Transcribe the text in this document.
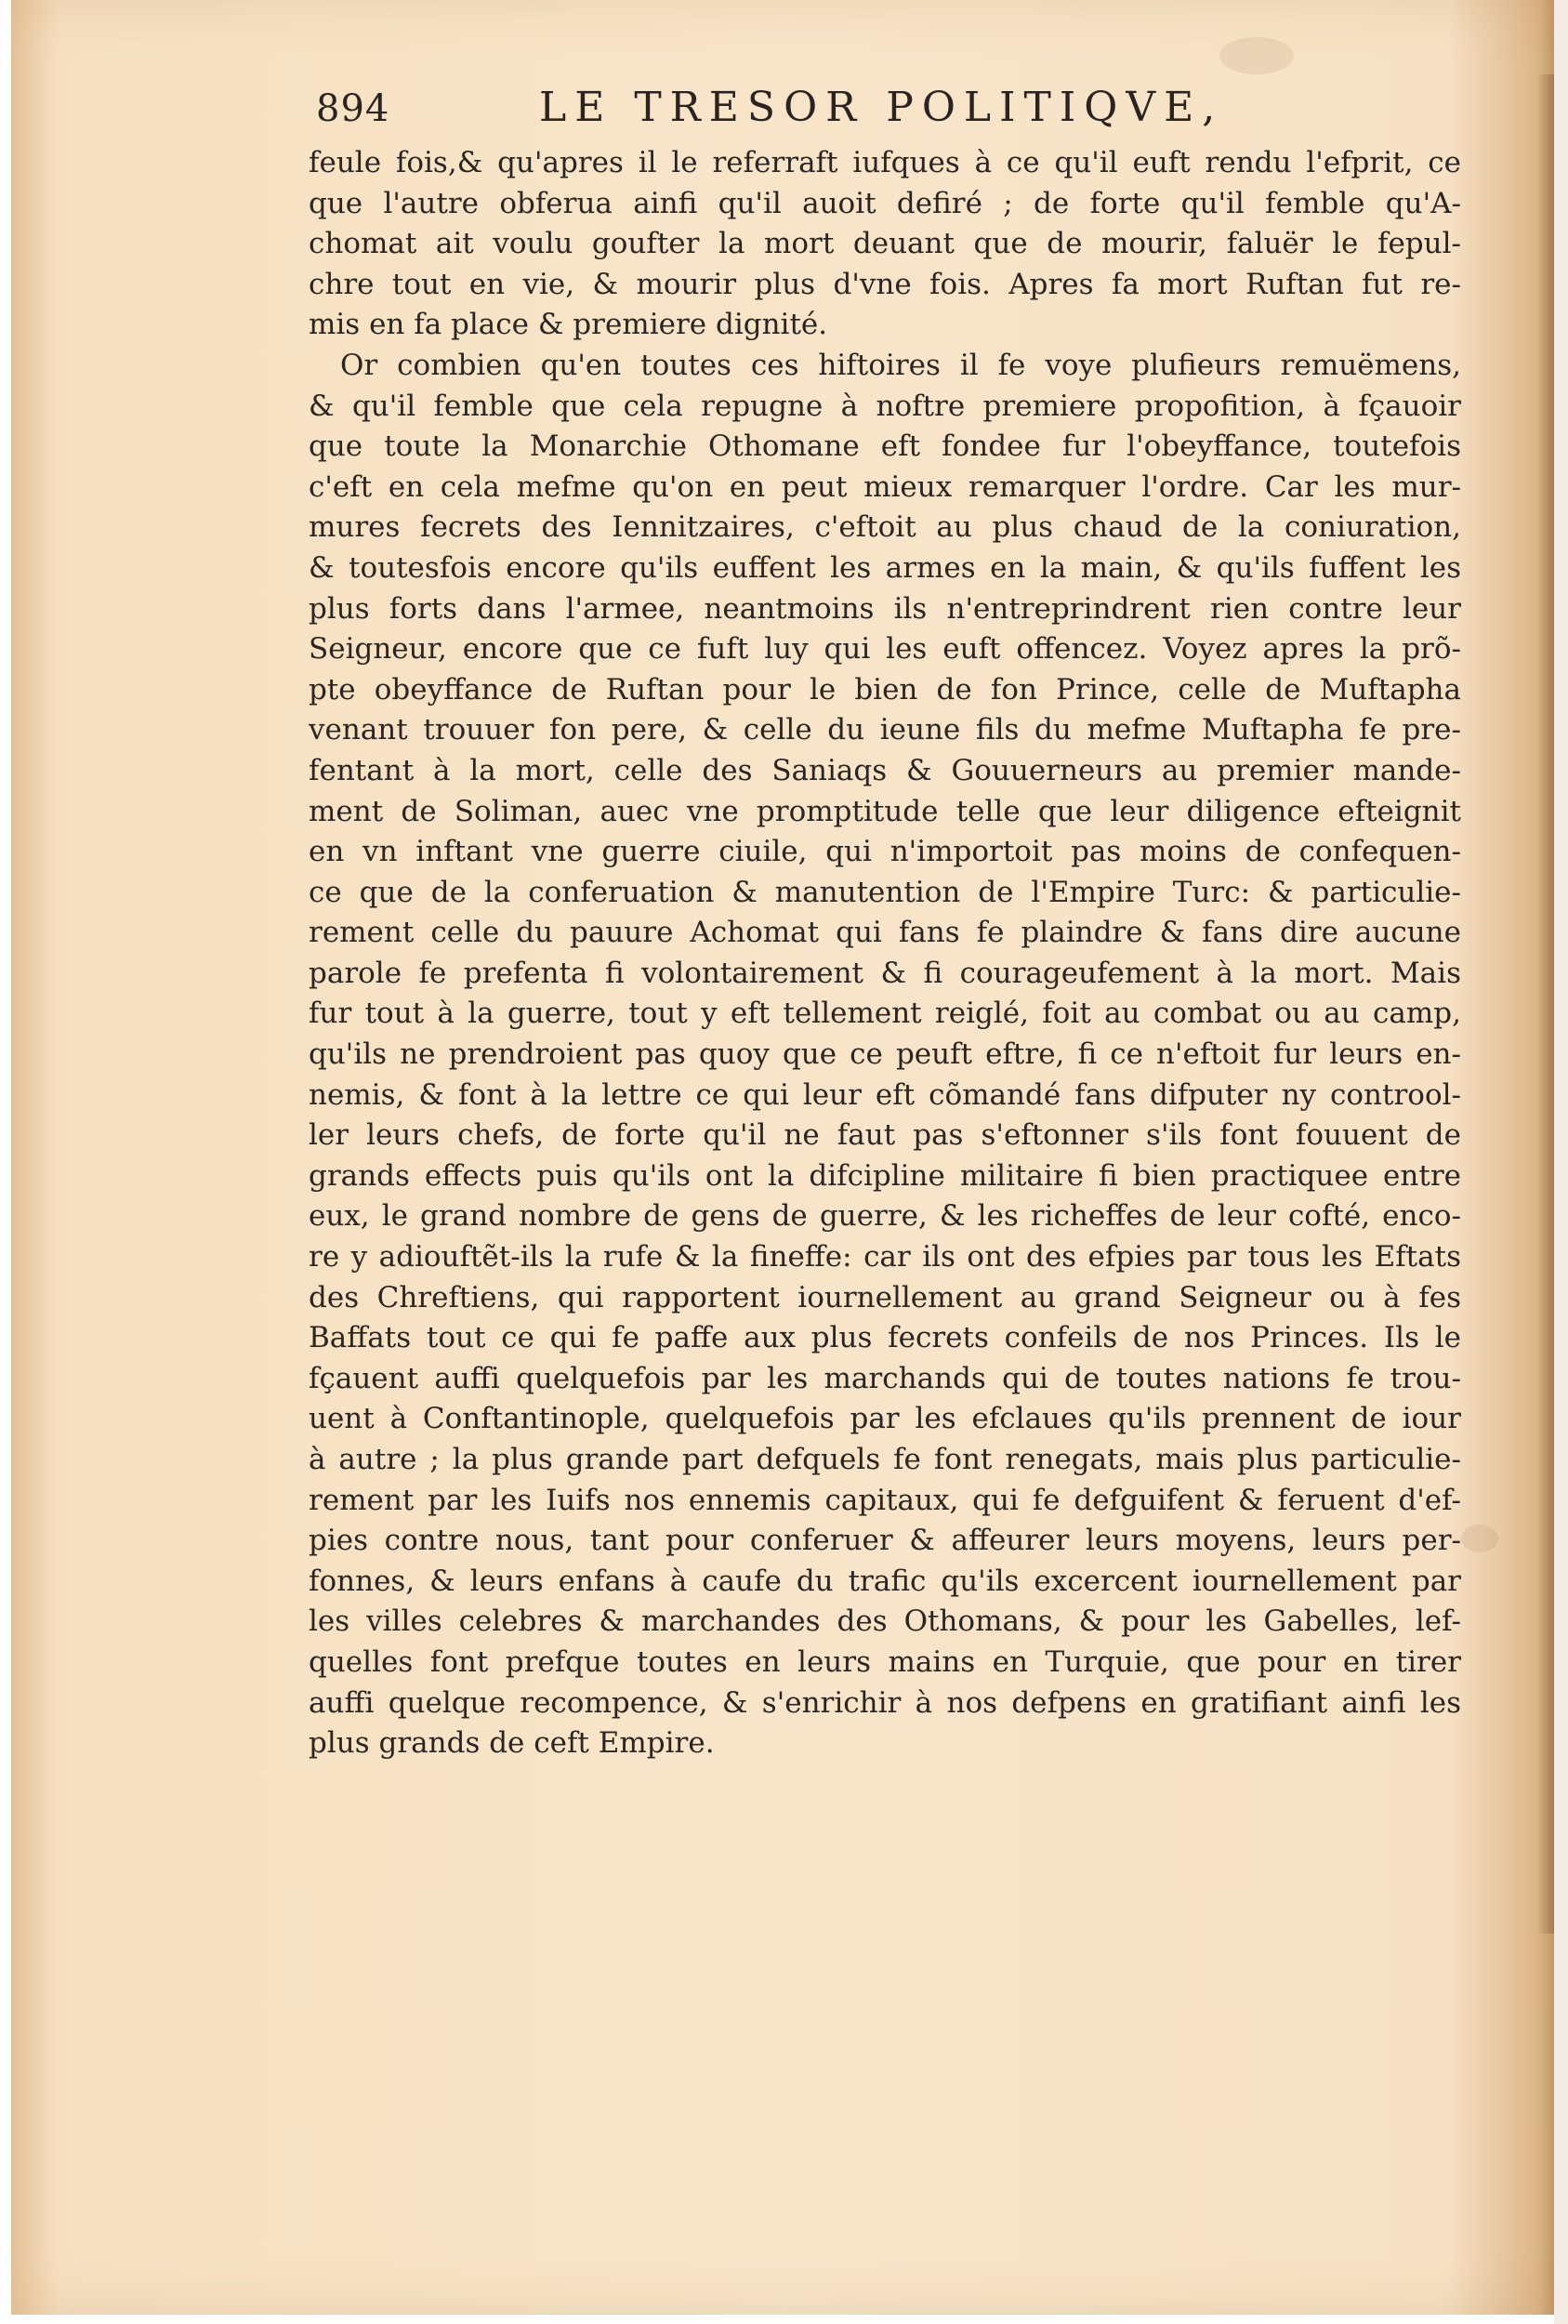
894	LE TRESOR POLITIQVE,
feule fois,& qu'apres il le referraft iufques à ce qu'il euft rendu l'efprit, ce
que l'autre obferua ainfi qu'il auoit defiré ; de forte qu'il femble qu'A-
chomat ait voulu goufter la mort deuant que de mourir, faluër le fepul-
chre tout en vie, & mourir plus d'vne fois. Apres fa mort Ruftan fut re-
mis en fa place & premiere dignité.
Or combien qu'en toutes ces hiftoires il fe voye plufieurs remuëmens,
& qu'il femble que cela repugne à noftre premiere propofition, à fçauoir
que toute la Monarchie Othomane eft fondee fur l'obeyffance, toutefois
c'eft en cela mefme qu'on en peut mieux remarquer l'ordre. Car les mur-
mures fecrets des Iennitzaires, c'eftoit au plus chaud de la coniuration,
& toutesfois encore qu'ils euffent les armes en la main, & qu'ils fuffent les
plus forts dans l'armee, neantmoins ils n'entreprindrent rien contre leur
Seigneur, encore que ce fuft luy qui les euft offencez. Voyez apres la prõ-
pte obeyffance de Ruftan pour le bien de fon Prince, celle de Muftapha
venant trouuer fon pere, & celle du ieune fils du mefme Muftapha fe pre-
fentant à la mort, celle des Saniaqs & Gouuerneurs au premier mande-
ment de Soliman, auec vne promptitude telle que leur diligence efteignit
en vn inftant vne guerre ciuile, qui n'importoit pas moins de confequen-
ce que de la conferuation & manutention de l'Empire Turc: & particulie-
rement celle du pauure Achomat qui fans fe plaindre & fans dire aucune
parole fe prefenta fi volontairement & fi courageufement à la mort. Mais
fur tout à la guerre, tout y eft tellement reiglé, foit au combat ou au camp,
qu'ils ne prendroient pas quoy que ce peuft eftre, fi ce n'eftoit fur leurs en-
nemis, & font à la lettre ce qui leur eft cõmandé fans difputer ny controol-
ler leurs chefs, de forte qu'il ne faut pas s'eftonner s'ils font fouuent de
grands effects puis qu'ils ont la difcipline militaire fi bien practiquee entre
eux, le grand nombre de gens de guerre, & les richeffes de leur cofté, enco-
re y adiouftẽt-ils la rufe & la fineffe: car ils ont des efpies par tous les Eftats
des Chreftiens, qui rapportent iournellement au grand Seigneur ou à fes
Baffats tout ce qui fe paffe aux plus fecrets confeils de nos Princes. Ils le
fçauent auffi quelquefois par les marchands qui de toutes nations fe trou-
uent à Conftantinople, quelquefois par les efclaues qu'ils prennent de iour
à autre ; la plus grande part defquels fe font renegats, mais plus particulie-
rement par les Iuifs nos ennemis capitaux, qui fe defguifent & feruent d'ef-
pies contre nous, tant pour conferuer & affeurer leurs moyens, leurs per-
fonnes, & leurs enfans à caufe du trafic qu'ils excercent iournellement par
les villes celebres & marchandes des Othomans, & pour les Gabelles, lef-
quelles font prefque toutes en leurs mains en Turquie, que pour en tirer
auffi quelque recompence, & s'enrichir à nos defpens en gratifiant ainfi les
plus grands de ceft Empire.
